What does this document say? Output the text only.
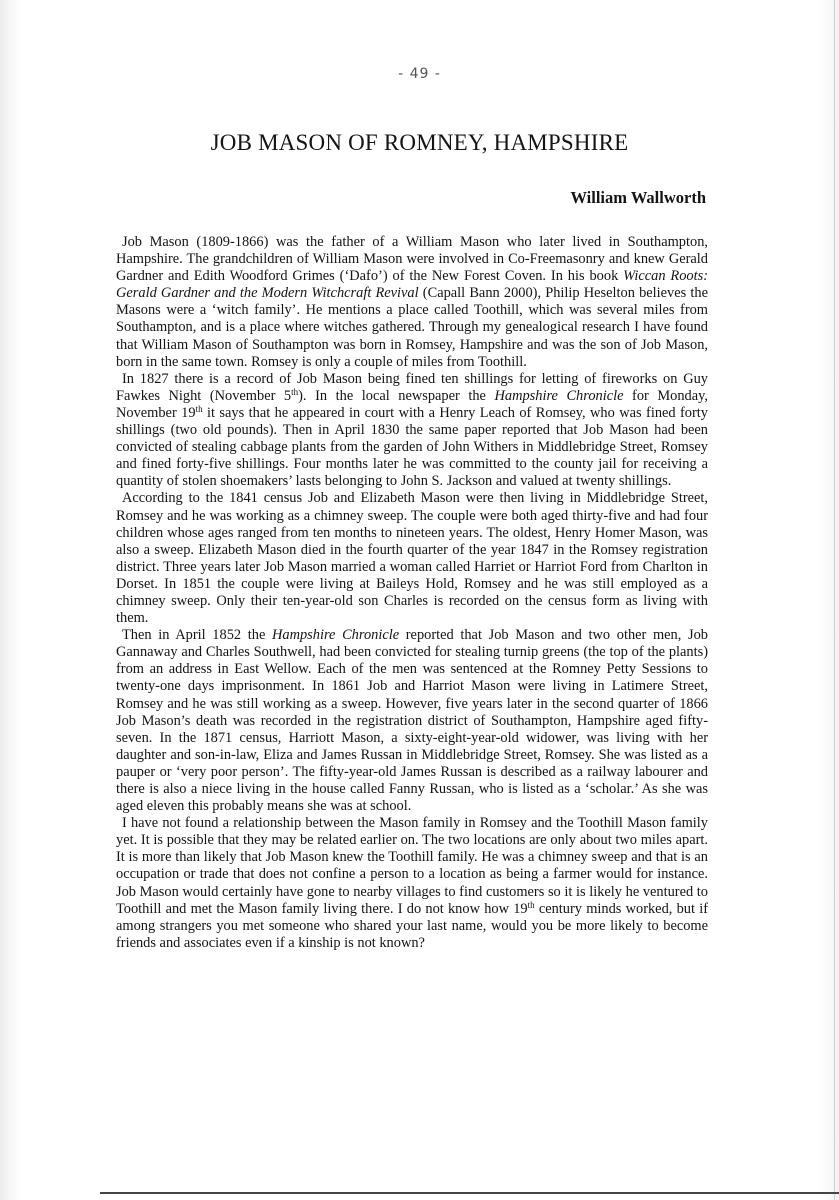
- 49 -
JOB MASON OF ROMNEY, HAMPSHIRE
William Wallworth

Job Mason (1809-1866) was the father of a William Mason who later lived in Southampton, Hampshire. The grandchildren of William Mason were involved in Co-Freemasonry and knew Gerald Gardner and Edith Woodford Grimes (‘Dafo’) of the New Forest Coven. In his book Wiccan Roots: Gerald Gardner and the Modern Witchcraft Revival (Capall Bann 2000), Philip Heselton believes the Masons were a ‘witch family’. He mentions a place called Toothill, which was several miles from Southampton, and is a place where witches gathered. Through my genealogical research I have found that William Mason of Southampton was born in Romsey, Hampshire and was the son of Job Mason, born in the same town. Romsey is only a couple of miles from Toothill.

In 1827 there is a record of Job Mason being fined ten shillings for letting of fireworks on Guy Fawkes Night (November 5th). In the local newspaper the Hampshire Chronicle for Monday, November 19th it says that he appeared in court with a Henry Leach of Romsey, who was fined forty shillings (two old pounds). Then in April 1830 the same paper reported that Job Mason had been convicted of stealing cabbage plants from the garden of John Withers in Middlebridge Street, Romsey and fined forty-five shillings. Four months later he was committed to the county jail for receiving a quantity of stolen shoemakers’ lasts belonging to John S. Jackson and valued at twenty shillings.

According to the 1841 census Job and Elizabeth Mason were then living in Middlebridge Street, Romsey and he was working as a chimney sweep. The couple were both aged thirty-five and had four children whose ages ranged from ten months to nineteen years. The oldest, Henry Homer Mason, was also a sweep. Elizabeth Mason died in the fourth quarter of the year 1847 in the Romsey registration district. Three years later Job Mason married a woman called Harriet or Harriot Ford from Charlton in Dorset. In 1851 the couple were living at Baileys Hold, Romsey and he was still employed as a chimney sweep. Only their ten-year-old son Charles is recorded on the census form as living with them.

Then in April 1852 the Hampshire Chronicle reported that Job Mason and two other men, Job Gannaway and Charles Southwell, had been convicted for stealing turnip greens (the top of the plants) from an address in East Wellow. Each of the men was sentenced at the Romney Petty Sessions to twenty-one days imprisonment. In 1861 Job and Harriot Mason were living in Latimere Street, Romsey and he was still working as a sweep. However, five years later in the second quarter of 1866 Job Mason’s death was recorded in the registration district of Southampton, Hampshire aged fifty-seven. In the 1871 census, Harriott Mason, a sixty-eight-year-old widower, was living with her daughter and son-in-law, Eliza and James Russan in Middlebridge Street, Romsey. She was listed as a pauper or ‘very poor person’. The fifty-year-old James Russan is described as a railway labourer and there is also a niece living in the house called Fanny Russan, who is listed as a ‘scholar.’ As she was aged eleven this probably means she was at school.

I have not found a relationship between the Mason family in Romsey and the Toothill Mason family yet. It is possible that they may be related earlier on. The two locations are only about two miles apart. It is more than likely that Job Mason knew the Toothill family. He was a chimney sweep and that is an occupation or trade that does not confine a person to a location as being a farmer would for instance. Job Mason would certainly have gone to nearby villages to find customers so it is likely he ventured to Toothill and met the Mason family living there. I do not know how 19th century minds worked, but if among strangers you met someone who shared your last name, would you be more likely to become friends and associates even if a kinship is not known?
